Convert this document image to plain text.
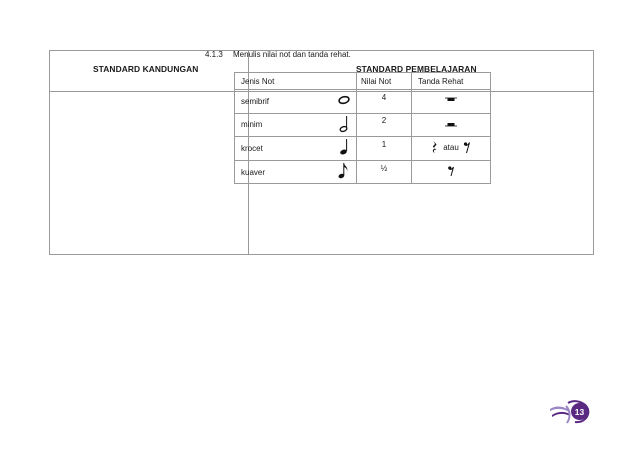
STANDARD KANDUNGAN	STANDARD PEMBELAJARAN
4.1.3 Menulis nilai not dan tanda rehat.
Jenis Not		Nilai Not	Tanda Rehat
semibrif		4	
minim		2	
krocet		1	atau

kuaver		½	
13
